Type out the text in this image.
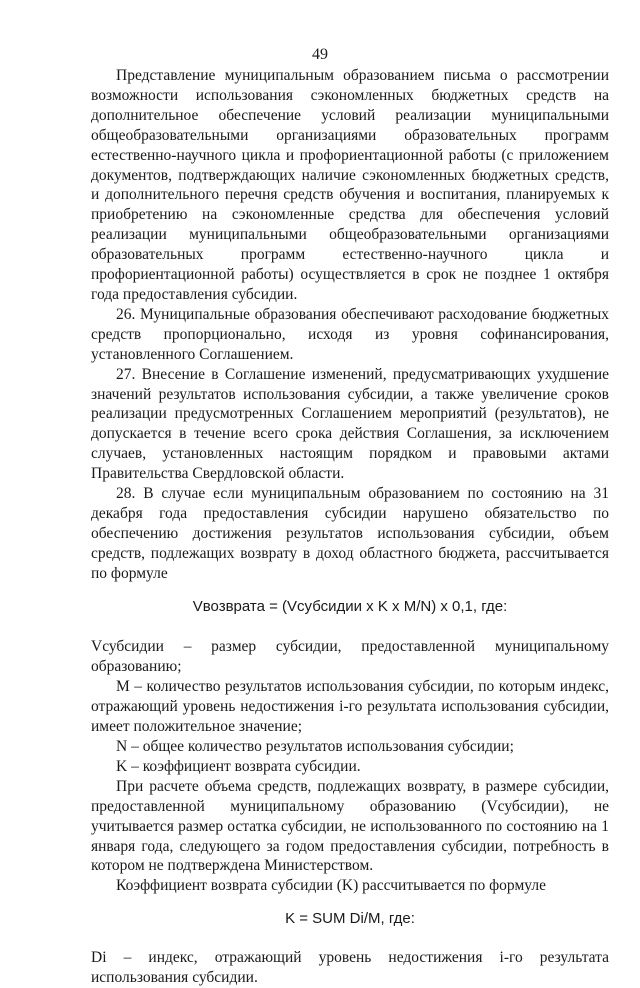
49

Представление муниципальным образованием письма о рассмотрении возможности использования сэкономленных бюджетных средств на дополнительное обеспечение условий реализации муниципальными общеобразовательными организациями образовательных программ естественно-научного цикла и профориентационной работы (с приложением документов, подтверждающих наличие сэкономленных бюджетных средств, и дополнительного перечня средств обучения и воспитания, планируемых к приобретению на сэкономленные средства для обеспечения условий реализации муниципальными общеобразовательными организациями образовательных программ естественно-научного цикла и профориентационной работы) осуществляется в срок не позднее 1 октября года предоставления субсидии.

26. Муниципальные образования обеспечивают расходование бюджетных средств пропорционально, исходя из уровня софинансирования, установленного Соглашением.

27. Внесение в Соглашение изменений, предусматривающих ухудшение значений результатов использования субсидии, а также увеличение сроков реализации предусмотренных Соглашением мероприятий (результатов), не допускается в течение всего срока действия Соглашения, за исключением случаев, установленных настоящим порядком и правовыми актами Правительства Свердловской области.

28. В случае если муниципальным образованием по состоянию на 31 декабря года предоставления субсидии нарушено обязательство по обеспечению достижения результатов использования субсидии, объем средств, подлежащих возврату в доход областного бюджета, рассчитывается по формуле

Vвозврата = (Vсубсидии x K x M/N) x 0,1, где:

Vсубсидии – размер субсидии, предоставленной муниципальному образованию;

M – количество результатов использования субсидии, по которым индекс, отражающий уровень недостижения i-го результата использования субсидии, имеет положительное значение;

N – общее количество результатов использования субсидии;

K – коэффициент возврата субсидии.

При расчете объема средств, подлежащих возврату, в размере субсидии, предоставленной муниципальному образованию (Vсубсидии), не учитывается размер остатка субсидии, не использованного по состоянию на 1 января года, следующего за годом предоставления субсидии, потребность в котором не подтверждена Министерством.

Коэффициент возврата субсидии (K) рассчитывается по формуле

K = SUM Di/M, где:

Di – индекс, отражающий уровень недостижения i-го результата использования субсидии.
